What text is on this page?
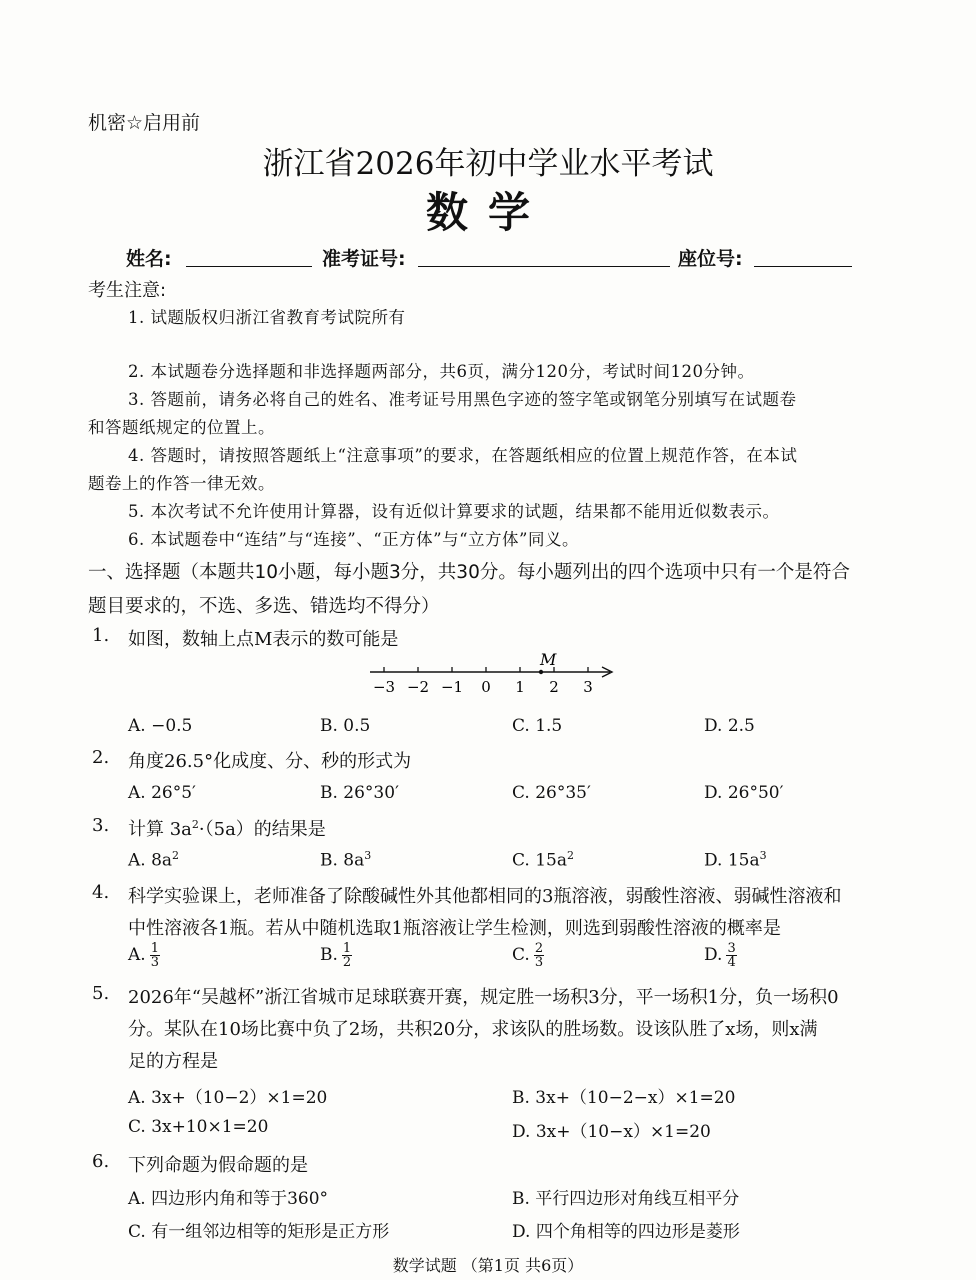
机密☆启用前
浙江省2026年初中学业水平考试
数学
姓名:	准考证号:	座位号:
考生注意:
1. 试题版权归浙江省教育考试院所有
2. 本试题卷分选择题和非选择题两部分，共6页，满分120分，考试时间120分钟。
3. 答题前，请务必将自己的姓名、准考证号用黑色字迹的签字笔或钢笔分别填写在试题卷
和答题纸规定的位置上。
4. 答题时，请按照答题纸上“注意事项”的要求，在答题纸相应的位置上规范作答，在本试
题卷上的作答一律无效。
5. 本次考试不允许使用计算器，设有近似计算要求的试题，结果都不能用近似数表示。
6. 本试题卷中“连结”与“连接”、“正方体”与“立方体”同义。
一、选择题（本题共10小题，每小题3分，共30分。每小题列出的四个选项中只有一个是符合
题目要求的，不选、多选、错选均不得分）
1. 如图，数轴上点M表示的数可能是
−3 −2 −1 0 1 2 3
M
A. −0.5	B. 0.5	C. 1.5	D. 2.5
2. 角度26.5°化成度、分、秒的形式为
A. 26°5′	B. 26°30′	C. 26°35′	D. 26°50′
3. 计算 $3a^2\cdot(5a)$的结果是
A. $8a^2$	B. $8a^3$	C. $15a^2$	D. $15a^3$
4. 科学实验课上，老师准备了除酸碱性外其他都相同的3瓶溶液，弱酸性溶液、弱碱性溶液和
中性溶液各1瓶。若从中随机选取1瓶溶液让学生检测，则选到弱酸性溶液的概率是
A. $\frac{1}{3}$	B. $\frac{1}{2}$	C. $\frac{2}{3}$	D. $\frac{3}{4}$
5. 2026年“吴越杯”浙江省城市足球联赛开赛，规定胜一场积3分，平一场积1分，负一场积0
分。某队在10场比赛中负了2场，共积20分，求该队的胜场数。设该队胜了x场，则x满
足的方程是
A. 3x+（10−2）×1=20	B. 3x+（10−2−x）×1=20
C. 3x+10×1=20	D. 3x+（10−x）×1=20
6. 下列命题为假命题的是
A. 四边形内角和等于360°	B. 平行四边形对角线互相平分
C. 有一组邻边相等的矩形是正方形	D. 四个角相等的四边形是菱形
数学试题 （第1页 共6页）
